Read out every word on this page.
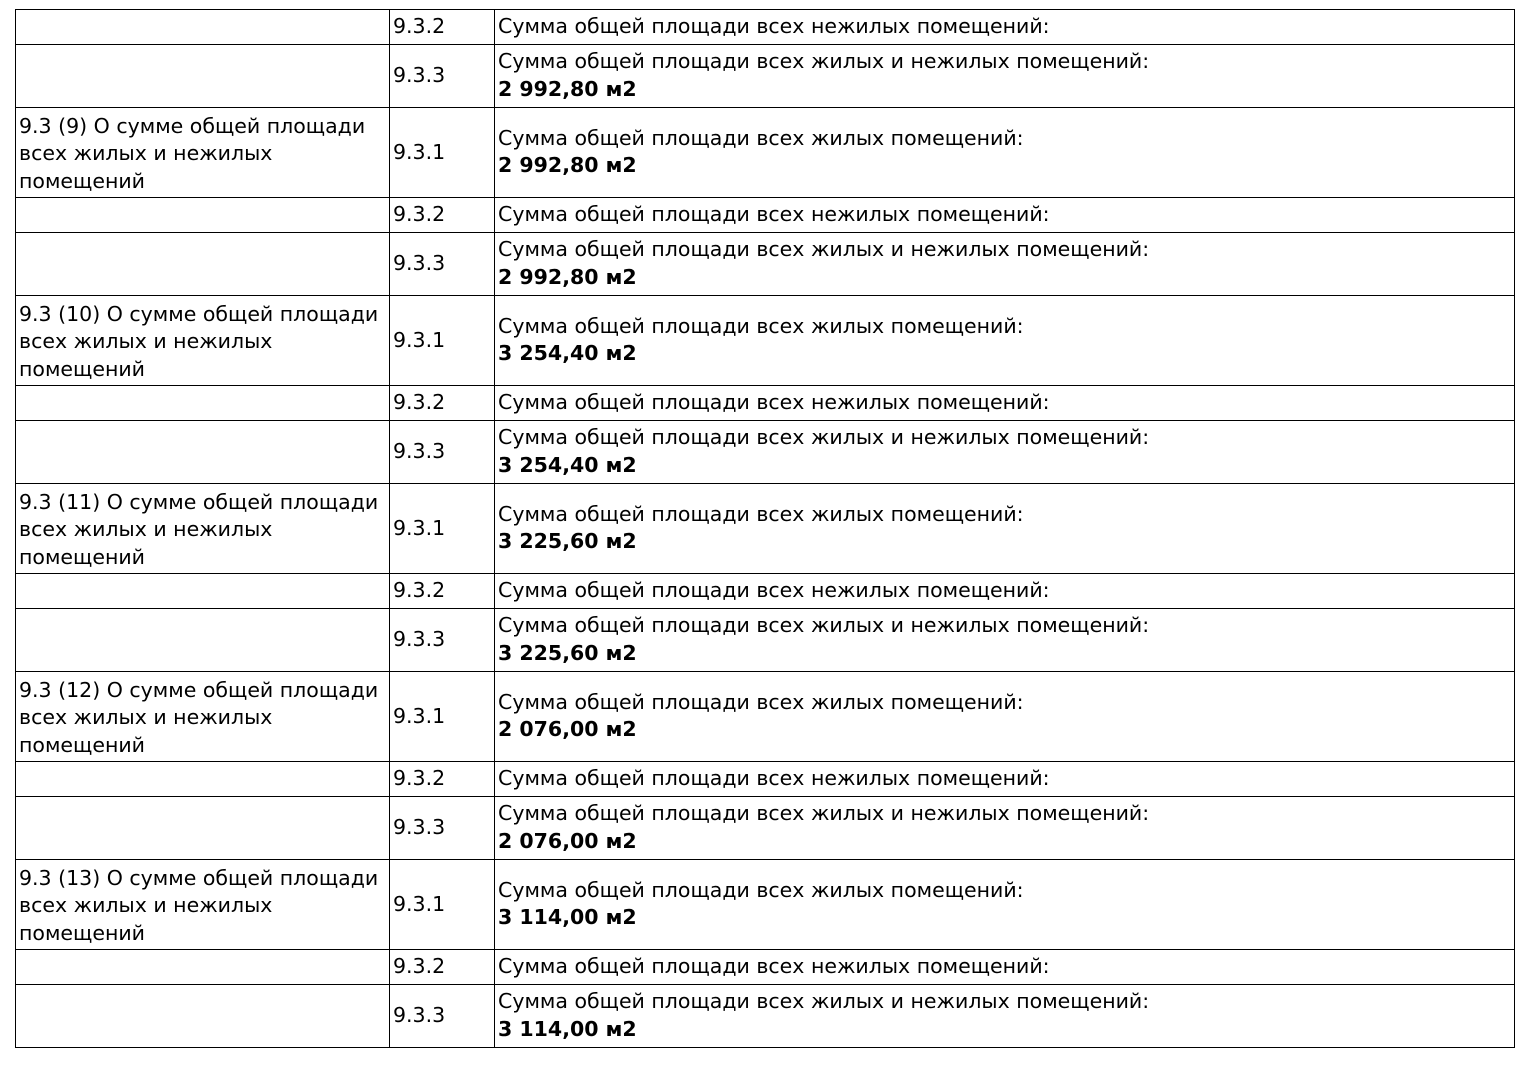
	9.3.2	Сумма общей площади всех нежилых помещений:

	9.3.3	Сумма общей площади всех жилых и нежилых помещений:
2 992,80 м2

9.3 (9) О сумме общей площади всех жилых и нежилых помещений	9.3.1	Сумма общей площади всех жилых помещений:
2 992,80 м2

	9.3.2	Сумма общей площади всех нежилых помещений:

	9.3.3	Сумма общей площади всех жилых и нежилых помещений:
2 992,80 м2

9.3 (10) О сумме общей площади всех жилых и нежилых помещений	9.3.1	Сумма общей площади всех жилых помещений:
3 254,40 м2

	9.3.2	Сумма общей площади всех нежилых помещений:

	9.3.3	Сумма общей площади всех жилых и нежилых помещений:
3 254,40 м2

9.3 (11) О сумме общей площади всех жилых и нежилых помещений	9.3.1	Сумма общей площади всех жилых помещений:
3 225,60 м2

	9.3.2	Сумма общей площади всех нежилых помещений:

	9.3.3	Сумма общей площади всех жилых и нежилых помещений:
3 225,60 м2

9.3 (12) О сумме общей площади всех жилых и нежилых помещений	9.3.1	Сумма общей площади всех жилых помещений:
2 076,00 м2

	9.3.2	Сумма общей площади всех нежилых помещений:

	9.3.3	Сумма общей площади всех жилых и нежилых помещений:
2 076,00 м2

9.3 (13) О сумме общей площади всех жилых и нежилых помещений	9.3.1	Сумма общей площади всех жилых помещений:
3 114,00 м2

	9.3.2	Сумма общей площади всех нежилых помещений:

	9.3.3	Сумма общей площади всех жилых и нежилых помещений:
3 114,00 м2
